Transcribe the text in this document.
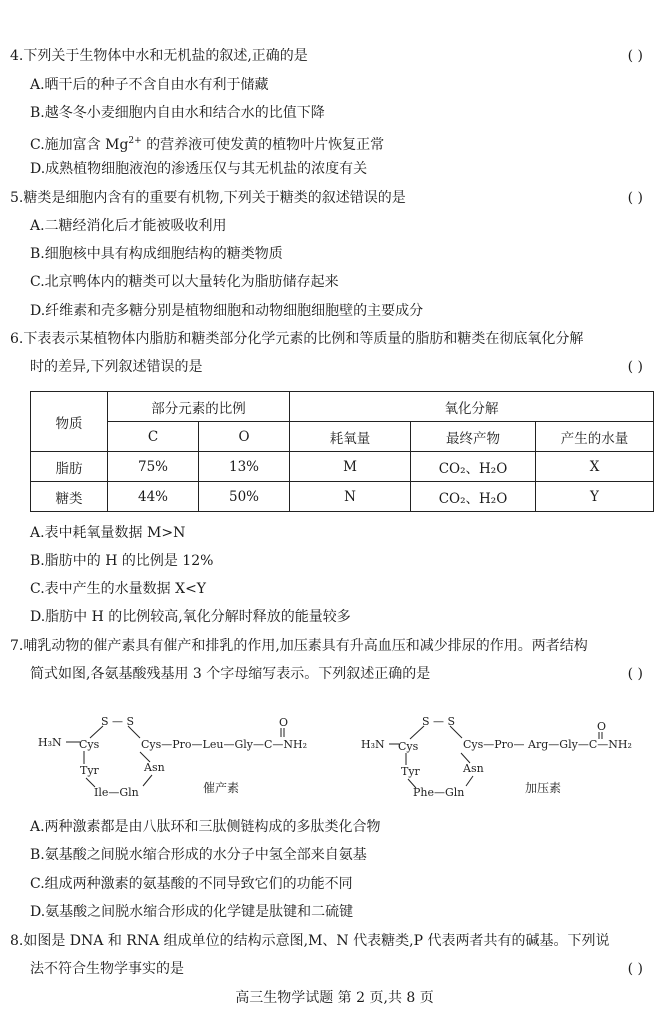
4.下列关于生物体中水和无机盐的叙述,正确的是	( )
A.晒干后的种子不含自由水有利于储藏
B.越冬冬小麦细胞内自由水和结合水的比值下降
C.施加富含 $Mg^{2+}$ 的营养液可使发黄的植物叶片恢复正常
D.成熟植物细胞液泡的渗透压仅与其无机盐的浓度有关
5.糖类是细胞内含有的重要有机物,下列关于糖类的叙述错误的是	( )
A.二糖经消化后才能被吸收利用
B.细胞核中具有构成细胞结构的糖类物质
C.北京鸭体内的糖类可以大量转化为脂肪储存起来
D.纤维素和壳多糖分别是植物细胞和动物细胞细胞壁的主要成分
6.下表表示某植物体内脂肪和糖类部分化学元素的比例和等质量的脂肪和糖类在彻底氧化分解
时的差异,下列叙述错误的是	( )
物质	部分元素的比例		氧化分解		
	C	O	耗氧量	最终产物	产生的水量
脂肪	75%	13%	M	CO₂、H₂O	X
糖类	44%	50%	N	CO₂、H₂O	Y
A.表中耗氧量数据 M>N
B.脂肪中的 H 的比例是 12%
C.表中产生的水量数据 X<Y
D.脂肪中 H 的比例较高,氧化分解时释放的能量较多
7.哺乳动物的催产素具有催产和排乳的作用,加压素具有升高血压和减少排尿的作用。两者结构
简式如图,各氨基酸残基用 3 个字母缩写表示。下列叙述正确的是	( )
H₃N Cys
S — S
Cys—Pro—Leu—Gly—C—NH₂
O
Tyr	Asn
Ile—Gln	催产素
H₃N Cys
S — S
Cys—Pro— Arg—Gly—C—NH₂
O
Tyr	Asn
Phe—Gln	加压素
A.两种激素都是由八肽环和三肽侧链构成的多肽类化合物
B.氨基酸之间脱水缩合形成的水分子中氢全部来自氨基
C.组成两种激素的氨基酸的不同导致它们的功能不同
D.氨基酸之间脱水缩合形成的化学键是肽键和二硫键
8.如图是 DNA 和 RNA 组成单位的结构示意图,M、N 代表糖类,P 代表两者共有的碱基。下列说
法不符合生物学事实的是	( )
高三生物学试题 第 2 页,共 8 页
